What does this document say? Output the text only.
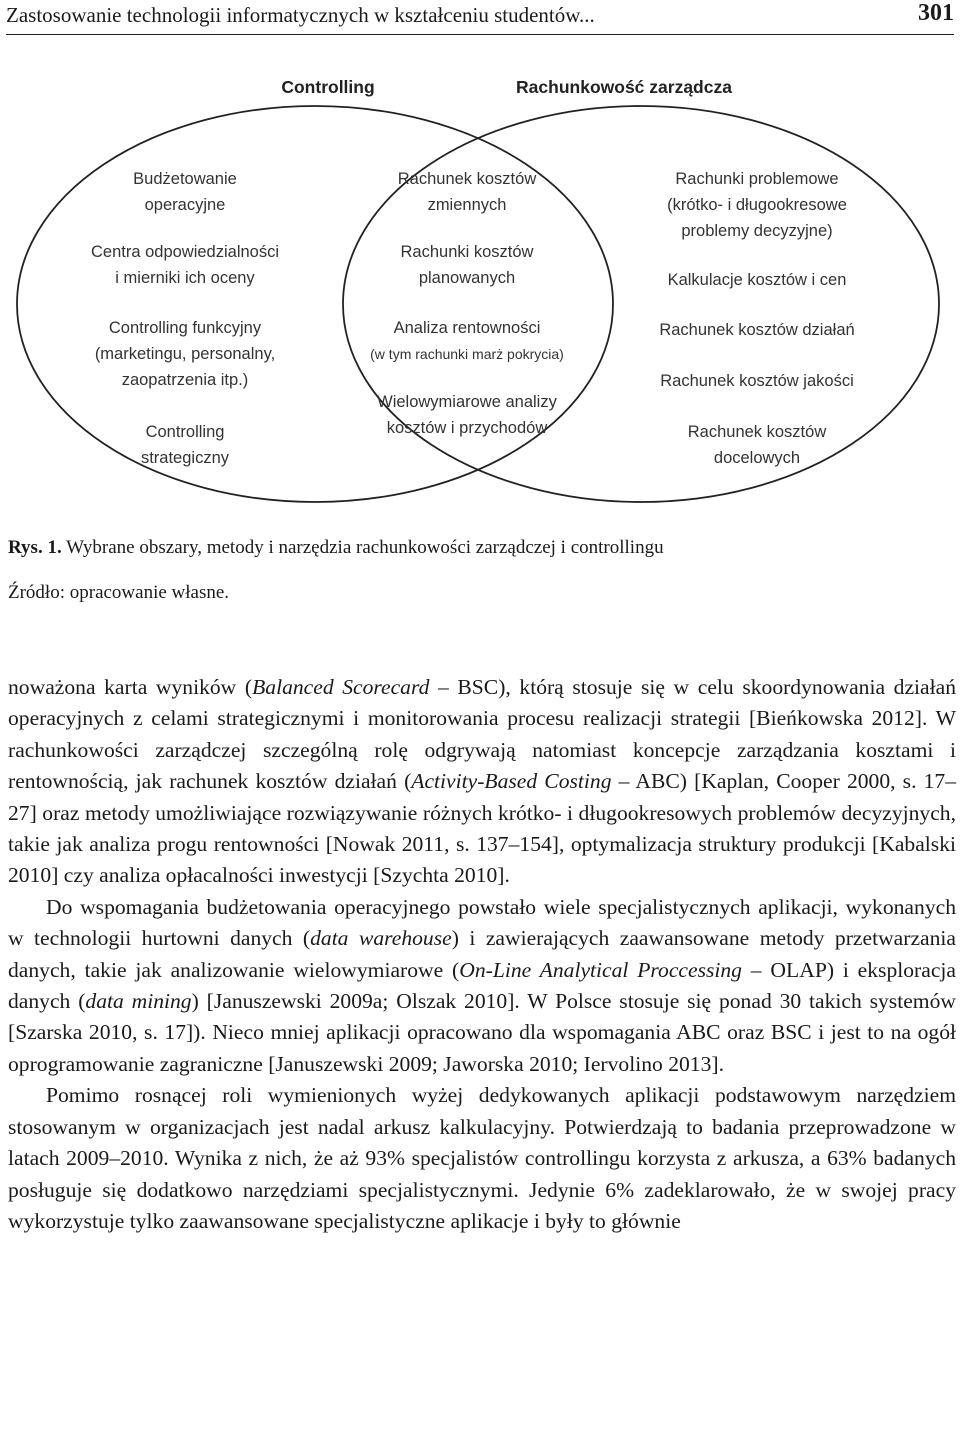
Zastosowanie technologii informatycznych w kształceniu studentów...	301
Controlling	Rachunkowość zarządcza
Budżetowanie operacyjne
Centra odpowiedzialności i mierniki ich oceny
Controlling funkcyjny (marketingu, personalny, zaopatrzenia itp.)
Controlling strategiczny
Rachunek kosztów zmiennych
Rachunki kosztów planowanych
Analiza rentowności (w tym rachunki marż pokrycia)
Wielowymiarowe analizy kosztów i przychodów
Rachunki problemowe (krótko- i długookresowe problemy decyzyjne)
Kalkulacje kosztów i cen
Rachunek kosztów działań
Rachunek kosztów jakości
Rachunek kosztów docelowych
Rys. 1. Wybrane obszary, metody i narzędzia rachunkowości zarządczej i controllingu
Źródło: opracowanie własne.

noważona karta wyników (Balanced Scorecard – BSC), którą stosuje się w celu skoordynowania działań operacyjnych z celami strategicznymi i monitorowania procesu realizacji strategii [Bieńkowska 2012]. W rachunkowości zarządczej szczególną rolę odgrywają natomiast koncepcje zarządzania kosztami i rentownością, jak rachunek kosztów działań (Activity-Based Costing – ABC) [Kaplan, Cooper 2000, s. 17–27] oraz metody umożliwiające rozwiązywanie różnych krótko- i długookresowych problemów decyzyjnych, takie jak analiza progu rentowności [Nowak 2011, s. 137–154], optymalizacja struktury produkcji [Kabalski 2010] czy analiza opłacalności inwestycji [Szychta 2010].

Do wspomagania budżetowania operacyjnego powstało wiele specjalistycznych aplikacji, wykonanych w technologii hurtowni danych (data warehouse) i zawierających zaawansowane metody przetwarzania danych, takie jak analizowanie wielowymiarowe (On-Line Analytical Proccessing – OLAP) i eksploracja danych (data mining) [Januszewski 2009a; Olszak 2010]. W Polsce stosuje się ponad 30 takich systemów [Szarska 2010, s. 17]). Nieco mniej aplikacji opracowano dla wspomagania ABC oraz BSC i jest to na ogół oprogramowanie zagraniczne [Januszewski 2009; Jaworska 2010; Iervolino 2013].

Pomimo rosnącej roli wymienionych wyżej dedykowanych aplikacji podstawowym narzędziem stosowanym w organizacjach jest nadal arkusz kalkulacyjny. Potwierdzają to badania przeprowadzone w latach 2009–2010. Wynika z nich, że aż 93% specjalistów controllingu korzysta z arkusza, a 63% badanych posługuje się dodatkowo narzędziami specjalistycznymi. Jedynie 6% zadeklarowało, że w swojej pracy wykorzystuje tylko zaawansowane specjalistyczne aplikacje i były to głównie
